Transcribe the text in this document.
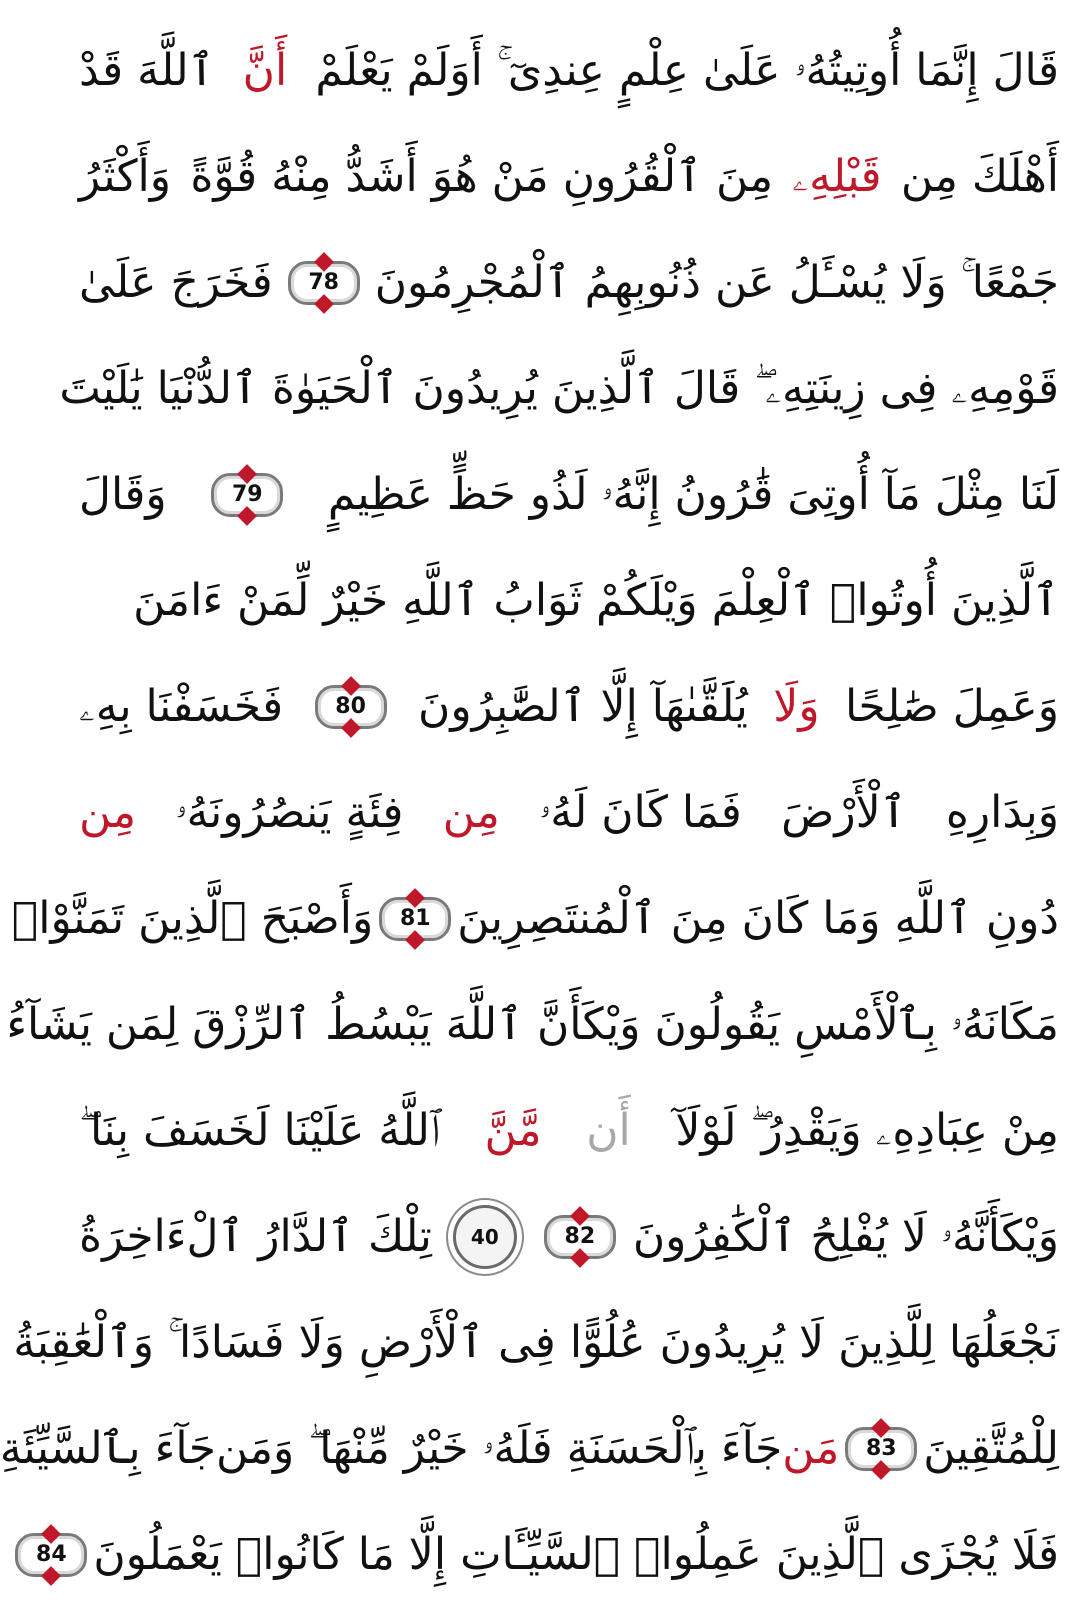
قَالَ إِنَّمَا أُوتِيتُهُۥ عَلَىٰ عِلْمٍ عِندِىٓ ۚ أَوَلَمْ يَعْلَمْ
أَنَّ
ٱللَّهَ قَدْ
أَهْلَكَ مِن
قَبْلِهِۦ
مِنَ ٱلْقُرُونِ مَنْ هُوَ أَشَدُّ مِنْهُ قُوَّةً
وَأَكْثَرُ
جَمْعًا ۚ وَلَا يُسْـَٔلُ عَن ذُنُوبِهِمُ ٱلْمُجْرِمُونَ
78
فَخَرَجَ عَلَىٰ
قَوْمِهِۦ فِى زِينَتِهِۦ ۖ قَالَ ٱلَّذِينَ يُرِيدُونَ ٱلْحَيَوٰةَ ٱلدُّنْيَا يَٰلَيْتَ
لَنَا مِثْلَ مَآ أُوتِىَ قَٰرُونُ إِنَّهُۥ لَذُو حَظٍّ عَظِيمٍ
79
وَقَالَ
ٱلَّذِينَ أُوتُوا۟ ٱلْعِلْمَ وَيْلَكُمْ ثَوَابُ ٱللَّهِ خَيْرٌ لِّمَنْ ءَامَنَ
وَعَمِلَ صَٰلِحًا
وَلَا
يُلَقَّىٰهَآ إِلَّا ٱلصَّٰبِرُونَ
80
فَخَسَفْنَا بِهِۦ
وَبِدَارِهِ
ٱلْأَرْضَ
فَمَا كَانَ لَهُۥ
مِن
فِئَةٍ يَنصُرُونَهُۥ
مِن
دُونِ ٱللَّهِ وَمَا كَانَ مِنَ ٱلْمُنتَصِرِينَ
81
وَأَصْبَحَ ٱلَّذِينَ تَمَنَّوْا۟
مَكَانَهُۥ بِٱلْأَمْسِ يَقُولُونَ وَيْكَأَنَّ ٱللَّهَ يَبْسُطُ ٱلرِّزْقَ لِمَن يَشَآءُ
مِنْ عِبَادِهِۦ وَيَقْدِرُ ۖ لَوْلَآ
أَن
مَّنَّ
ٱللَّهُ عَلَيْنَا لَخَسَفَ بِنَا ۖ
وَيْكَأَنَّهُۥ لَا يُفْلِحُ ٱلْكَٰفِرُونَ
82
40
تِلْكَ ٱلدَّارُ ٱلْءَاخِرَةُ
نَجْعَلُهَا لِلَّذِينَ لَا يُرِيدُونَ عُلُوًّا فِى ٱلْأَرْضِ وَلَا فَسَادًا ۚ وَٱلْعَٰقِبَةُ
لِلْمُتَّقِينَ
83
مَن
جَآءَ بِٱلْحَسَنَةِ فَلَهُۥ خَيْرٌ مِّنْهَا ۖ وَمَن
جَآءَ بِٱلسَّيِّئَةِ
فَلَا يُجْزَى ٱلَّذِينَ عَمِلُوا۟ ٱلسَّيِّـَٔاتِ إِلَّا مَا كَانُوا۟ يَعْمَلُونَ
84
